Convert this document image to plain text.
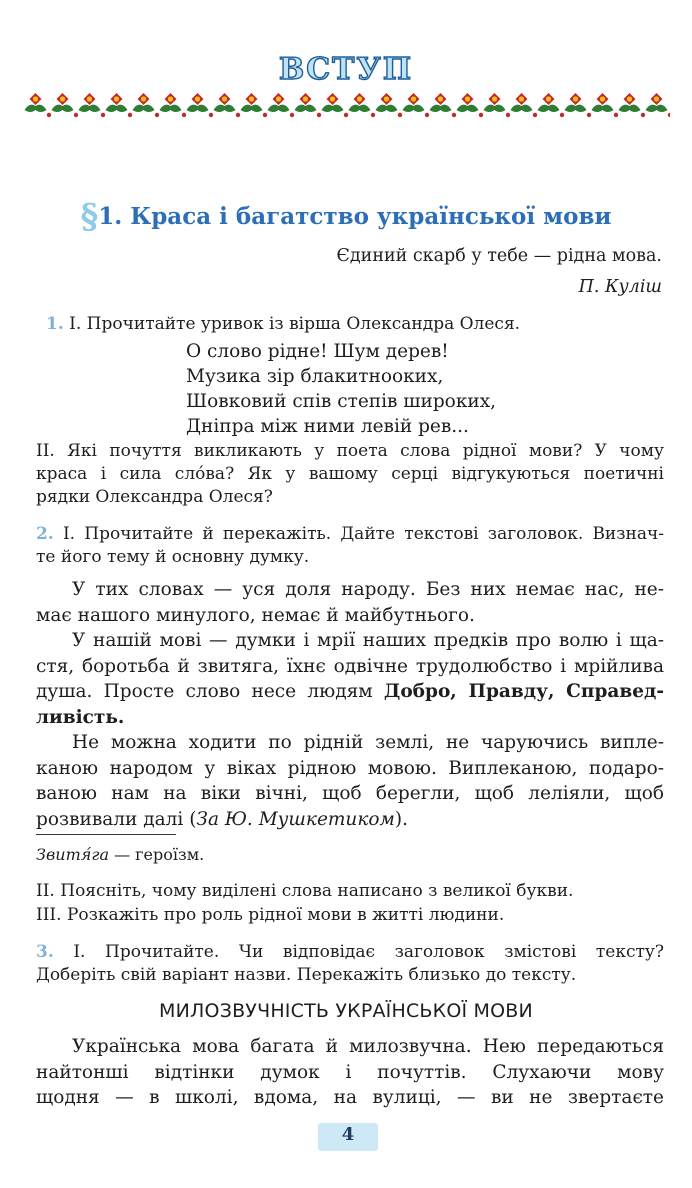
ВСТУП
§1. Краса і багатство української мови
Єдиний скарб у тебе — рідна мова.
П. Куліш
1. І. Прочитайте уривок із вірша Олександра Олеся.
О слово рідне! Шум дерев!
Музика зір блакитнооких,
Шовковий спів степів широких,
Дніпра між ними левій рев...
ІІ. Які почуття викликають у поета слова рідної мови? У чому
краса і сила сло́ва? Як у вашому серці відгукуються поетичні
рядки Олександра Олеся?
2. І. Прочитайте й перекажіть. Дайте текстові заголовок. Визнач-
те його тему й основну думку.
У тих словах — уся доля народу. Без них немає нас, не-
має нашого минулого, немає й майбутнього.
У нашій мові — думки і мрії наших предків про волю і ща-
стя, боротьба й звитяга, їхнє одвічне трудолюбство і мрійлива
душа. Просте слово несе людям Добро, Правду, Справед-
ливість.
Не можна ходити по рідній землі, не чаруючись виплe-
каною народом у віках рідною мовою. Виплеканою, подаро-
ваною нам на віки вічні, щоб берегли, щоб леліяли, щоб
розвивали далі (За Ю. Мушкетиком).
Звитя́га — героїзм.
ІІ. Поясніть, чому виділені слова написано з великої букви.
ІІІ. Розкажіть про роль рідної мови в житті людини.
3. І. Прочитайте. Чи відповідає заголовок змістові тексту?
Доберіть свій варіант назви. Перекажіть близько до тексту.
МИЛОЗВУЧНІСТЬ УКРАЇНСЬКОЇ МОВИ
Українська мова багата й милозвучна. Нею передаються
найтонші відтінки думок і почуттів. Слухаючи мову
щодня — в школі, вдома, на вулиці, — ви не звертаєте
4
